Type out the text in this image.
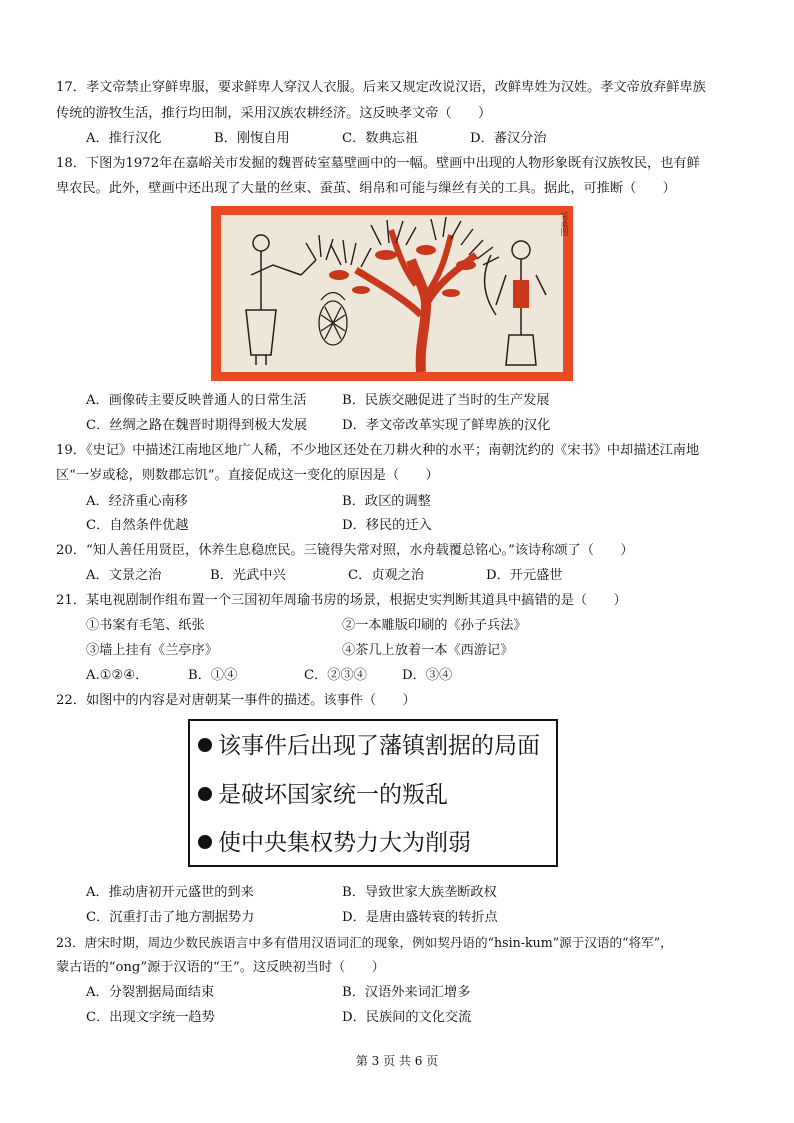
17．孝文帝禁止穿鲜卑服，要求鲜卑人穿汉人衣服。后来又规定改说汉语，改鲜卑姓为汉姓。孝文帝放弃鲜卑族
传统的游牧生活，推行均田制，采用汉族农耕经济。这反映孝文帝（　　）
A．推行汉化	B．刚愎自用	C．数典忘祖	D．蕃汉分治
18．下图为1972年在嘉峪关市发掘的魏晋砖室墓壁画中的一幅。壁画中出现的人物形象既有汉族牧民，也有鲜
卑农民。此外，壁画中还出现了大量的丝束、蚕茧、绢帛和可能与缫丝有关的工具。据此，可推断（　　）
采桑图
A．画像砖主要反映普通人的日常生活	B．民族交融促进了当时的生产发展
C．丝绸之路在魏晋时期得到极大发展	D．孝文帝改革实现了鲜卑族的汉化
19．《史记》中描述江南地区地广人稀，不少地区还处在刀耕火种的水平；南朝沈约的《宋书》中却描述江南地
区“一岁或稔，则数郡忘饥”。直接促成这一变化的原因是（　　）
A．经济重心南移	B．政区的调整
C．自然条件优越	D．移民的迁入
20．“知人善任用贤臣，休养生息稳庶民。三镜得失常对照，水舟载覆总铭心。”该诗称颂了（　　）
A．文景之治	B．光武中兴	C．贞观之治	D．开元盛世
21．某电视剧制作组布置一个三国初年周瑜书房的场景，根据史实判断其道具中搞错的是（　　）
①书案有毛笔、纸张	②一本雕版印刷的《孙子兵法》
③墙上挂有《兰亭序》	④茶几上放着一本《西游记》
A.①②④．	B．①④	C．②③④	D．③④
22．如图中的内容是对唐朝某一事件的描述。该事件（　　）
该事件后出现了藩镇割据的局面
是破坏国家统一的叛乱
使中央集权势力大为削弱
A．推动唐初开元盛世的到来	B．导致世家大族垄断政权
C．沉重打击了地方割据势力	D．是唐由盛转衰的转折点
23．唐宋时期，周边少数民族语言中多有借用汉语词汇的现象，例如契丹语的“hsin-kum”源于汉语的“将军”，
蒙古语的“ong”源于汉语的“王”。这反映初当时（　　）
A．分裂割据局面结束	B．汉语外来词汇增多
C．出现文字统一趋势	D．民族间的文化交流
第 3 页 共 6 页
